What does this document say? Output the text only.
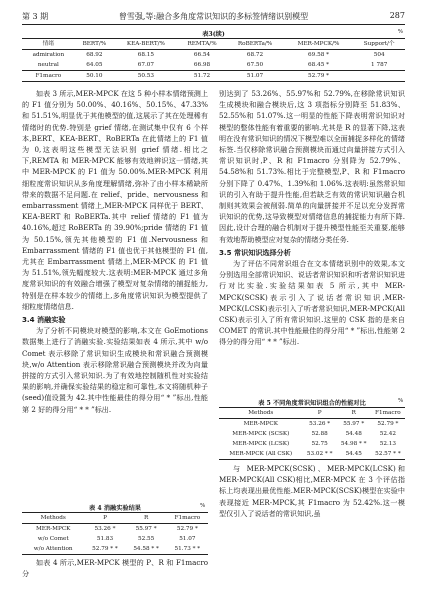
第 3 期	曾雪强,等:融合多角度常识知识的多标签情绪识别模型	287
表3(续)	%
情绪	BERT/%	KEA-BERT/%	REMTA/%	RoBERTa/%	MER-MPCK/%	Support/个
admiration	68.92	68.15	66.54	68.72	69.58 *	504
neutral	64.05	67.07	66.98	67.50	68.45 *	1 787
F1macro	50.10	50.53	51.72	51.07	52.79 *	

如表 3 所示,MER-MPCK 在这 5 种小样本情绪预测上的 F1 值分别为 50.00%、40.16%、50.15%、47.33%和 51.51%,明显优于其他模型的值,这展示了其在处理稀有情绪时的优势.特别是 grief 情绪,在测试集中仅有 6 个样本,BERT、KEA-BERT、RoBERTa 在此情绪上的 F1 值为 0,这表明这些模型无法识别 grief 情绪.相比之下,REMTA 和 MER-MPCK 能够有效地辨识这一情绪,其中 MER-MPCK 的 F1 值为 50.00%.MER-MPCK 利用细粒度常识知识从多角度理解情绪,弥补了由小样本稀缺所带来的数据不足问题.在 relief、pride、nervousness 和 embarrassment 情绪上,MER-MPCK 同样优于 BERT、KEA-BERT 和 RoBERTa.其中 relief 情绪的 F1 值为 40.16%,超过 RoBERTa 的 39.90%;pride 情绪的 F1 值为 50.15%,领先其他模型的 F1 值.Nervousness 和 Embarrassment 情绪的 F1 值也优于其他模型的 F1 值,尤其在 Embarrassment 情绪上,MER-MPCK 的 F1 值为 51.51%,领先幅度较大.这表明:MER-MPCK 通过多角度常识知识的有效融合增强了模型对复杂情绪的捕捉能力,特别是在样本较少的情绪上,多角度常识知识为模型提供了细粒度情绪信息.

3.4 消融实验

为了分析不同模块对模型的影响,本文在 GoEmotions 数据集上进行了消融实验.实验结果如表 4 所示,其中 w/o Comet 表示移除了常识知识生成模块和常识融合预测模块,w/o Attention 表示移除常识融合预测模块并改为向量拼接的方式引入常识知识.为了有效地控制随机性对实验结果的影响,并确保实验结果的稳定和可靠性,本文将随机种子(seed)值设置为 42.其中性能最佳的得分用“ * ”标出,性能第 2 好的得分用“ * * ”标出.

表 4 消融实验结果	%
Methods	P	R	F1macro
MER-MPCK	53.26 *	55.97 *	52.79 *
w/o Comet	51.83	52.55	51.07
w/o Attention	52.79 * *	54.58 * *	51.73 * *

如表 4 所示,MER-MPCK 模型的 P、R 和 F1macro 分

别达到了 53.26%、55.97%和 52.79%,在移除常识知识生成模块和融合模块后,这 3 项指标分别降至 51.83%、52.55%和 51.07%.这一明显的性能下降表明常识知识对模型的整体性能有着重要的影响.尤其是 R 的显著下降,这表明在没有常识知识的情况下模型难以全面捕捉多样化的情绪标签.当仅移除常识融合预测模块而通过向量拼接方式引入常识知识时,P、R 和 F1macro 分别降为 52.79%、54.58%和 51.73%.相比于完整模型,P、R 和 F1macro 分别下降了 0.47%、1.39%和 1.06%.这表明:虽然常识知识的引入有助于提升性能,但若缺乏有效的常识知识融合机制则其效果会被削弱.简单的向量拼接并不足以充分发挥常识知识的优势,这导致模型对情绪信息的捕捉能力有所下降.因此,设计合理的融合机制对于提升模型性能至关重要,能够有效地帮助模型应对复杂的情绪分类任务.

3.5 常识知识选择分析

为了评估不同常识组合在文本情绪识别中的效果,本文分别选用全部常识知识、说话者常识知识和听者常识知识进行对比实验.实验结果如表 5 所示,其中 MER-MPCK(SCSK)表示引入了说话者常识知识,MER-MPCK(LCSK)表示引入了听者常识知识,MER-MPCK(All CSK)表示引入了所有常识知识.这里的 CSK 指的是来自 COMET 的常识.其中性能最佳的得分用“ * ”标出,性能第 2 得分的得分用“ * * ”标出.

表 5 不同角度常识知识组合的性能对比	%
Methods	P	R	F1macro
MER-MPCK	53.26 *	55.97 *	52.79 *
MER-MPCK (SCSK)	52.88	54.48	52.42
MER-MPCK (LCSK)	52.75	54.98 * *	52.13
MER-MPCK (All CSK)	53.02 * *	54.45	52.57 * *

与 MER-MPCK(SCSK)、MER-MPCK(LCSK)和 MER-MPCK(All CSK)相比,MER-MPCK 在 3 个评估指标上均表现出最优性能.MER-MPCK(SCSK)模型在实验中表现接近 MER-MPCK,其 F1macro 为 52.42%.这一模型仅引入了说话者的常识知识,虽
